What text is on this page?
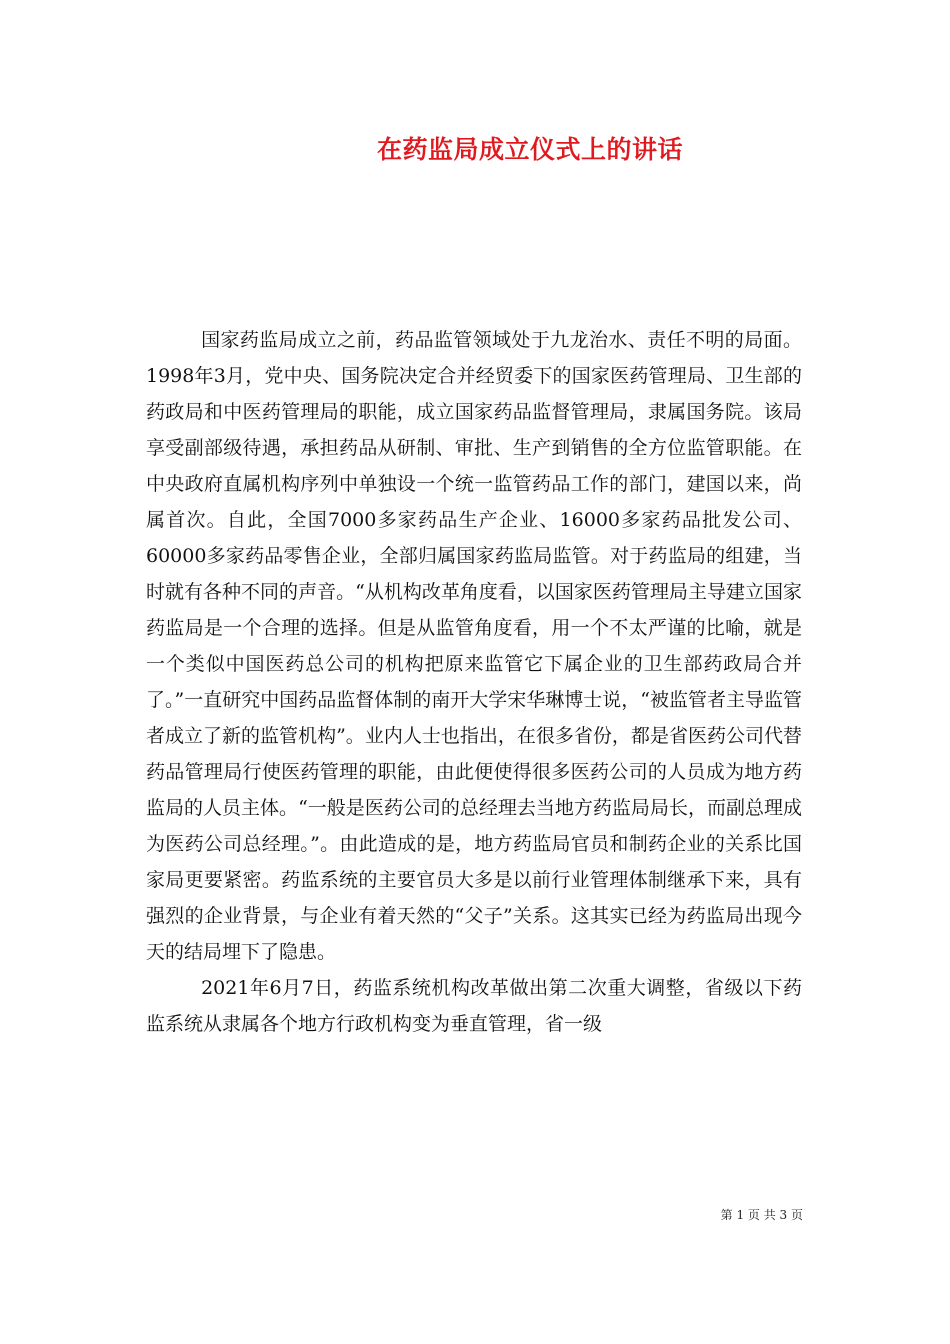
在药监局成立仪式上的讲话

国家药监局成立之前，药品监管领域处于九龙治水、责任不明的局面。1998年3月，党中央、国务院决定合并经贸委下的国家医药管理局、卫生部的药政局和中医药管理局的职能，成立国家药品监督管理局，隶属国务院。该局享受副部级待遇，承担药品从研制、审批、生产到销售的全方位监管职能。在中央政府直属机构序列中单独设一个统一监管药品工作的部门，建国以来，尚属首次。自此，全国7000多家药品生产企业、16000多家药品批发公司、60000多家药品零售企业，全部归属国家药监局监管。对于药监局的组建，当时就有各种不同的声音。“从机构改革角度看，以国家医药管理局主导建立国家药监局是一个合理的选择。但是从监管角度看，用一个不太严谨的比喻，就是一个类似中国医药总公司的机构把原来监管它下属企业的卫生部药政局合并了。”一直研究中国药品监督体制的南开大学宋华琳博士说，“被监管者主导监管者成立了新的监管机构”。业内人士也指出，在很多省份，都是省医药公司代替药品管理局行使医药管理的职能，由此便使得很多医药公司的人员成为地方药监局的人员主体。“一般是医药公司的总经理去当地方药监局局长，而副总理成为医药公司总经理。”。由此造成的是，地方药监局官员和制药企业的关系比国家局更要紧密。药监系统的主要官员大多是以前行业管理体制继承下来，具有强烈的企业背景，与企业有着天然的“父子”关系。这其实已经为药监局出现今天的结局埋下了隐患。

2021年6月7日，药监系统机构改革做出第二次重大调整，省级以下药监系统从隶属各个地方行政机构变为垂直管理，省一级

第 1 页 共 3 页
